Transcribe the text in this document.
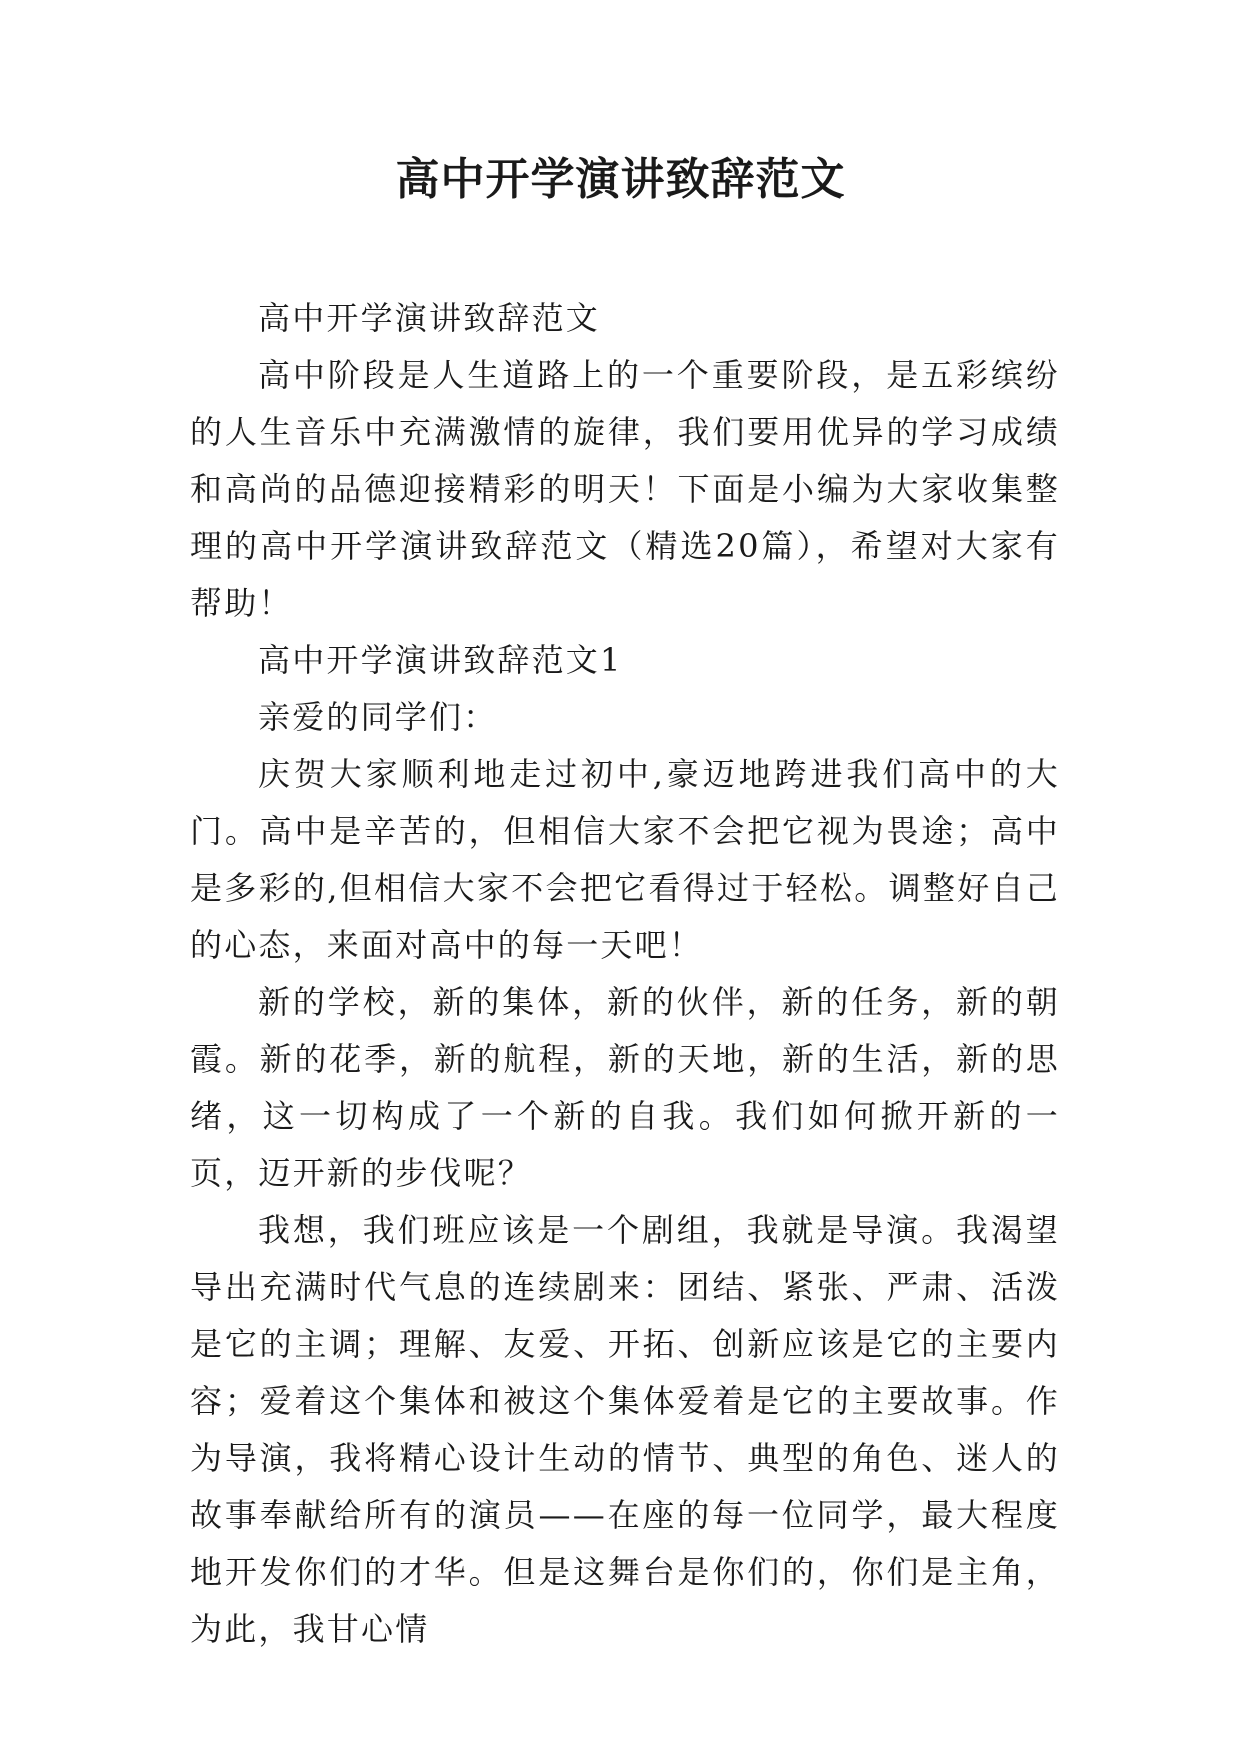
高中开学演讲致辞范文

高中开学演讲致辞范文

高中阶段是人生道路上的一个重要阶段，是五彩缤纷的人生音乐中充满激情的旋律，我们要用优异的学习成绩和高尚的品德迎接精彩的明天！下面是小编为大家收集整理的高中开学演讲致辞范文（精选20篇），希望对大家有帮助！

高中开学演讲致辞范文1

亲爱的同学们：

庆贺大家顺利地走过初中,豪迈地跨进我们高中的大门。高中是辛苦的，但相信大家不会把它视为畏途；高中是多彩的,但相信大家不会把它看得过于轻松。调整好自己的心态，来面对高中的每一天吧！

新的学校，新的集体，新的伙伴，新的任务，新的朝霞。新的花季，新的航程，新的天地，新的生活，新的思绪，这一切构成了一个新的自我。我们如何掀开新的一页，迈开新的步伐呢？

我想，我们班应该是一个剧组，我就是导演。我渴望导出充满时代气息的连续剧来：团结、紧张、严肃、活泼是它的主调；理解、友爱、开拓、创新应该是它的主要内容；爱着这个集体和被这个集体爱着是它的主要故事。作为导演，我将精心设计生动的情节、典型的角色、迷人的故事奉献给所有的演员——在座的每一位同学，最大程度地开发你们的才华。但是这舞台是你们的，你们是主角，为此，我甘心情
